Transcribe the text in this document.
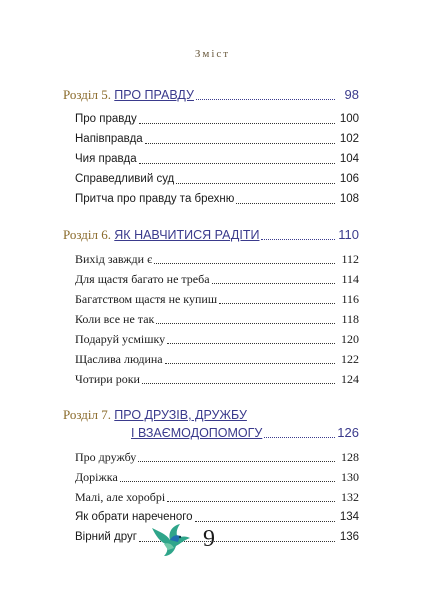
Зміст
Розділ 5. ПРО ПРАВДУ	98
Про правду	100
Напівправда	102
Чия правда	104
Справедливий суд	106
Притча про правду та брехню	108
Розділ 6. ЯК НАВЧИТИСЯ РАДІТИ	110
Вихід завжди є	112
Для щастя багато не треба	114
Багатством щастя не купиш	116
Коли все не так	118
Подаруй усмішку	120
Щаслива людина	122
Чотири роки	124
Розділ 7. ПРО ДРУЗІВ, ДРУЖБУ
І ВЗАЄМОДОПОМОГУ	126
Про дружбу	128
Доріжка	130
Малі, але хоробрі	132
Як обрати нареченого	134
Вірний друг	136
9
